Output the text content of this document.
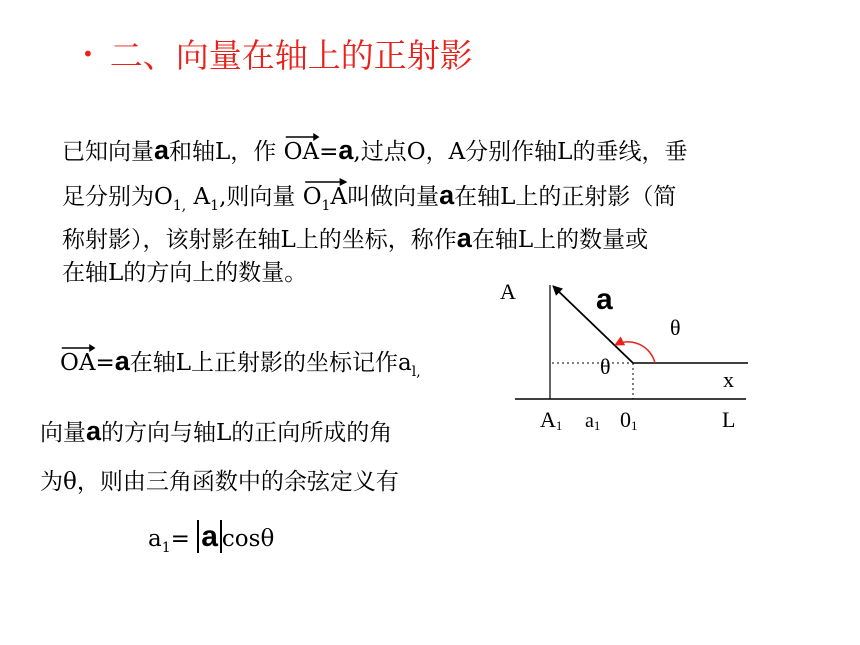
• 二、向量在轴上的正射影
已知向量a和轴L，作
OA=a,过点O，A分别作轴L的垂线，垂
足分别为$O_{1,}$ $A_1$,则向量
$O_1A$叫做向量a在轴L上的正射影（简
称射影），该射影在轴L上的坐标，称作a在轴L上的数量或
在轴L的方向上的数量。
OA=a在轴L上正射影的坐标记作$a_{l,}$
向量a的方向与轴L的正向所成的角
为θ，则由三角函数中的余弦定义有
$a_1= a$ cosθ
A	a
θ
θ
x
L
A1 a1 01
